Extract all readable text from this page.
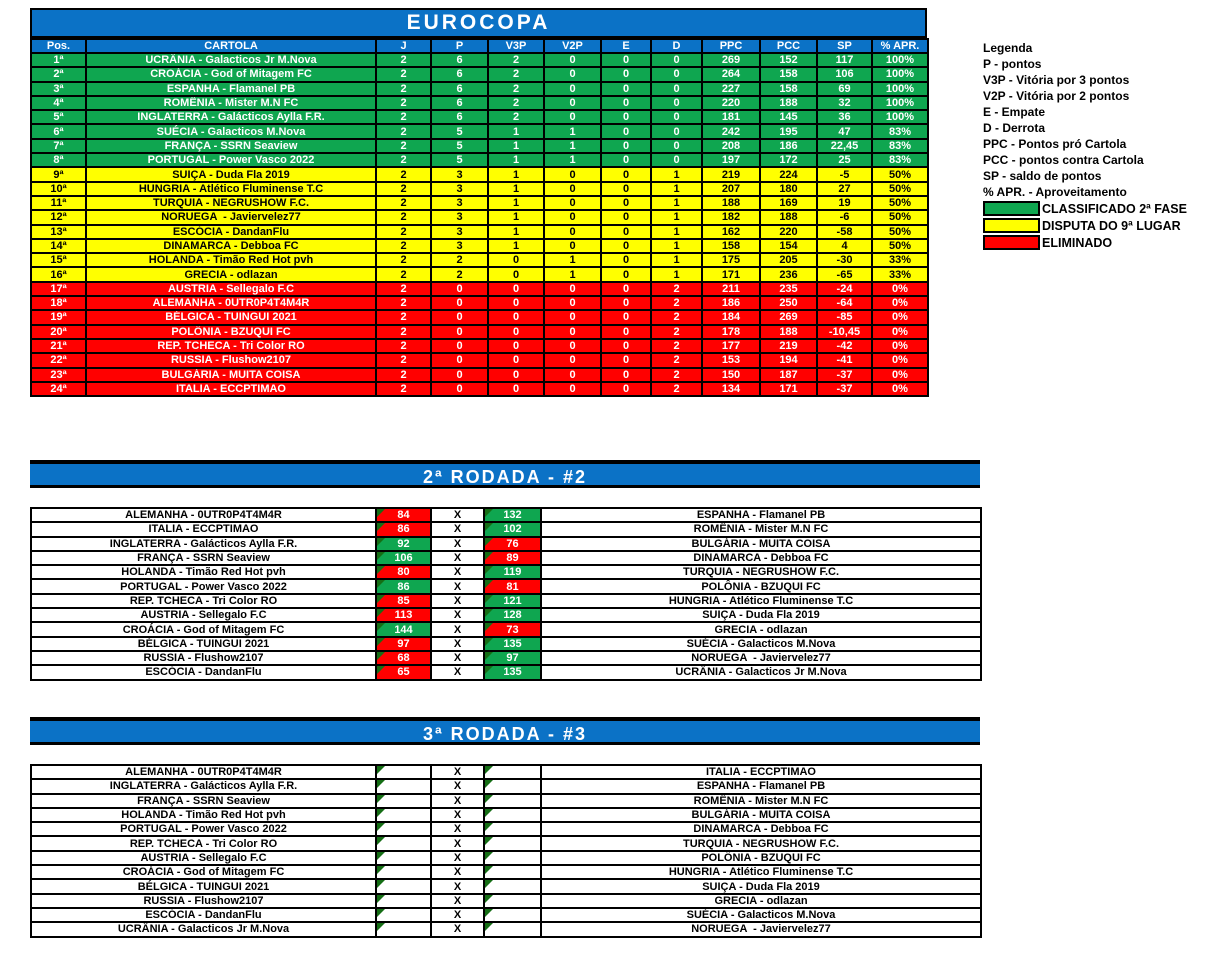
EUROCOPA
Pos.	CARTOLA	J	P	V3P	V2P	E	D	PPC	PCC	SP	% APR.
1ª	UCRÂNIA - Galacticos Jr M.Nova	2	6	2	0	0	0	269	152	117	100%
2ª	CROÁCIA - God of Mitagem FC	2	6	2	0	0	0	264	158	106	100%
3ª	ESPANHA - Flamanel PB	2	6	2	0	0	0	227	158	69	100%
4ª	ROMÊNIA - Mister M.N FC	2	6	2	0	0	0	220	188	32	100%
5ª	INGLATERRA - Galácticos Aylla F.R.	2	6	2	0	0	0	181	145	36	100%
6ª	SUÉCIA - Galacticos M.Nova	2	5	1	1	0	0	242	195	47	83%
7ª	FRANÇA - SSRN Seaview	2	5	1	1	0	0	208	186	22,45	83%
8ª	PORTUGAL - Power Vasco 2022	2	5	1	1	0	0	197	172	25	83%
9ª	SUIÇA - Duda Fla 2019	2	3	1	0	0	1	219	224	-5	50%
10ª	HUNGRIA - Atlético Fluminense T.C	2	3	1	0	0	1	207	180	27	50%
11ª	TURQUIA - NEGRUSHOW F.C.	2	3	1	0	0	1	188	169	19	50%
12ª	NORUEGA  - Javiervelez77	2	3	1	0	0	1	182	188	-6	50%
13ª	ESCÓCIA - DandanFlu	2	3	1	0	0	1	162	220	-58	50%
14ª	DINAMARCA - Debboa FC	2	3	1	0	0	1	158	154	4	50%
15ª	HOLANDA - Timão Red Hot pvh	2	2	0	1	0	1	175	205	-30	33%
16ª	GRECIA - odlazan	2	2	0	1	0	1	171	236	-65	33%
17ª	AUSTRIA - Sellegalo F.C	2	0	0	0	0	2	211	235	-24	0%
18ª	ALEMANHA - 0UTR0P4T4M4R	2	0	0	0	0	2	186	250	-64	0%
19ª	BÉLGICA - TUINGUI 2021	2	0	0	0	0	2	184	269	-85	0%
20ª	POLÔNIA - BZUQUI FC	2	0	0	0	0	2	178	188	-10,45	0%
21ª	REP. TCHECA - Tri Color RO	2	0	0	0	0	2	177	219	-42	0%
22ª	RUSSIA - Flushow2107	2	0	0	0	0	2	153	194	-41	0%
23ª	BULGÁRIA - MUITA COISA	2	0	0	0	0	2	150	187	-37	0%
24ª	ITALIA - ECCPTIMAO	2	0	0	0	0	2	134	171	-37	0%
Legenda
P - pontos
V3P - Vitória por 3 pontos
V2P - Vitória por 2 pontos
E - Empate
D - Derrota
PPC - Pontos pró Cartola
PCC - pontos contra Cartola
SP - saldo de pontos
% APR. - Aproveitamento
CLASSIFICADO 2ª FASE
DISPUTA DO 9ª LUGAR
ELIMINADO
2ª RODADA - #2
ALEMANHA - 0UTR0P4T4M4R	84	X	132	ESPANHA - Flamanel PB
ITALIA - ECCPTIMAO	86	X	102	ROMÊNIA - Mister M.N FC
INGLATERRA - Galácticos Aylla F.R.	92	X	76	BULGÁRIA - MUITA COISA
FRANÇA - SSRN Seaview	106	X	89	DINAMARCA - Debboa FC
HOLANDA - Timão Red Hot pvh	80	X	119	TURQUIA - NEGRUSHOW F.C.
PORTUGAL - Power Vasco 2022	86	X	81	POLÔNIA - BZUQUI FC
REP. TCHECA - Tri Color RO	85	X	121	HUNGRIA - Atlético Fluminense T.C
AUSTRIA - Sellegalo F.C	113	X	128	SUIÇA - Duda Fla 2019
CROÁCIA - God of Mitagem FC	144	X	73	GRECIA - odlazan
BÉLGICA - TUINGUI 2021	97	X	135	SUÉCIA - Galacticos M.Nova
RUSSIA - Flushow2107	68	X	97	NORUEGA  - Javiervelez77
ESCÓCIA - DandanFlu	65	X	135	UCRÂNIA - Galacticos Jr M.Nova
3ª RODADA - #3
ALEMANHA - 0UTR0P4T4M4R		X		ITALIA - ECCPTIMAO
INGLATERRA - Galácticos Aylla F.R.		X		ESPANHA - Flamanel PB
FRANÇA - SSRN Seaview		X		ROMÊNIA - Mister M.N FC
HOLANDA - Timão Red Hot pvh		X		BULGÁRIA - MUITA COISA
PORTUGAL - Power Vasco 2022		X		DINAMARCA - Debboa FC
REP. TCHECA - Tri Color RO		X		TURQUIA - NEGRUSHOW F.C.
AUSTRIA - Sellegalo F.C		X		POLÔNIA - BZUQUI FC
CROÁCIA - God of Mitagem FC		X		HUNGRIA - Atlético Fluminense T.C
BÉLGICA - TUINGUI 2021		X		SUIÇA - Duda Fla 2019
RUSSIA - Flushow2107		X		GRECIA - odlazan
ESCÓCIA - DandanFlu		X		SUÉCIA - Galacticos M.Nova
UCRÂNIA - Galacticos Jr M.Nova		X		NORUEGA  - Javiervelez77
